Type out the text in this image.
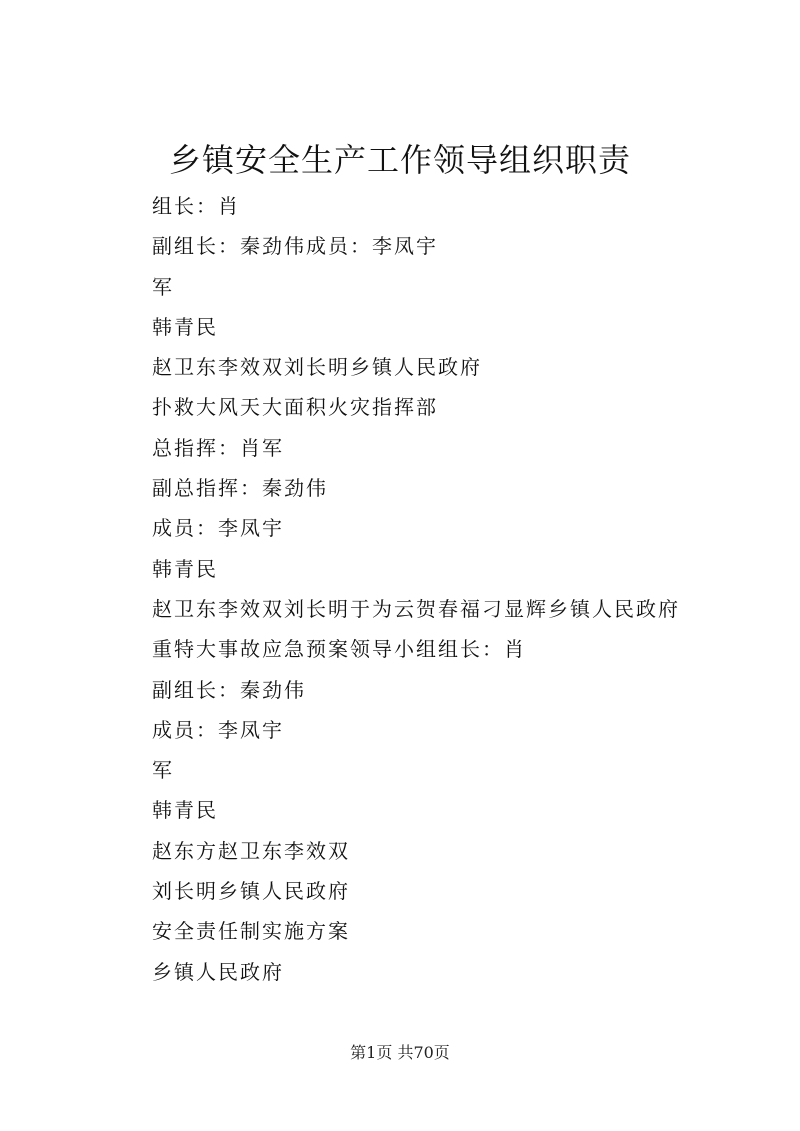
乡镇安全生产工作领导组织职责
组长：肖
副组长：秦劲伟成员：李凤宇
军
韩青民
赵卫东李效双刘长明乡镇人民政府
扑救大风天大面积火灾指挥部
总指挥：肖军
副总指挥：秦劲伟
成员：李凤宇
韩青民
赵卫东李效双刘长明于为云贺春福刁显辉乡镇人民政府
重特大事故应急预案领导小组组长：肖
副组长：秦劲伟
成员：李凤宇
军
韩青民
赵东方赵卫东李效双
刘长明乡镇人民政府
安全责任制实施方案
乡镇人民政府
第1页 共70页
